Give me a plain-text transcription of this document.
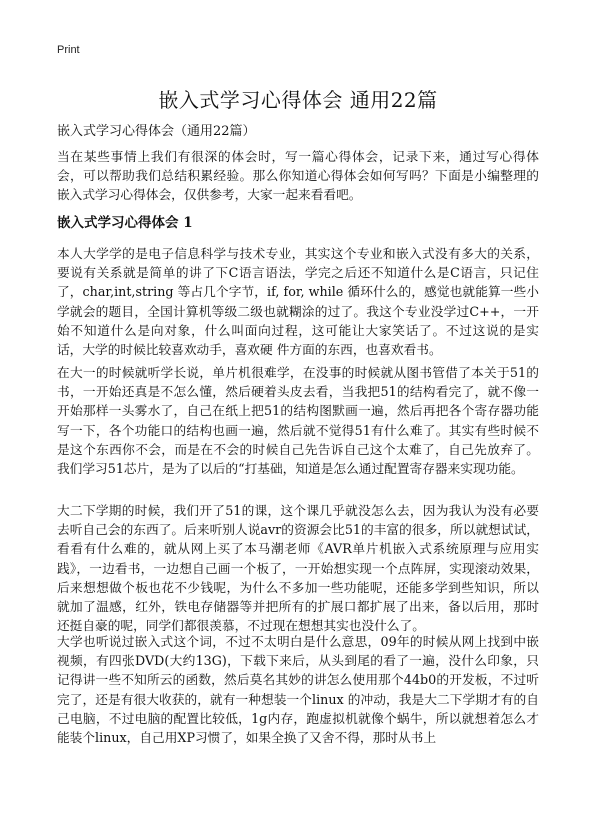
Print
嵌入式学习心得体会 通用22篇

嵌入式学习心得体会（通用22篇）

当在某些事情上我们有很深的体会时，写一篇心得体会，记录下来，通过写心得体会，可以帮助我们总结积累经验。那么你知道心得体会如何写吗？下面是小编整理的嵌入式学习心得体会，仅供参考，大家一起来看看吧。

嵌入式学习心得体会 1

本人大学学的是电子信息科学与技术专业，其实这个专业和嵌入式没有多大的关系，要说有关系就是简单的讲了下C语言语法，学完之后还不知道什么是C语言，只记住了，char,int,string 等占几个字节，if, for, while 循环什么的，感觉也就能算一些小学就会的题目，全国计算机等级二级也就糊涂的过了。我这个专业没学过C++，一开始不知道什么是向对象，什么叫面向过程，这可能让大家笑话了。不过这说的是实话，大学的时候比较喜欢动手，喜欢硬 件方面的东西，也喜欢看书。

在大一的时候就听学长说，单片机很难学，在没事的时候就从图书管借了本关于51的书，一开始还真是不怎么懂，然后硬着头皮去看，当我把51的结构看完了，就不像一开始那样一头雾水了，自己在纸上把51的结构图默画一遍，然后再把各个寄存器功能写一下，各个功能口的结构也画一遍，然后就不觉得51有什么难了。其实有些时候不是这个东西你不会，而是在不会的时候自己先告诉自己这个太难了，自己先放弃了。我们学习51芯片，是为了以后的“打基础，知道是怎么通过配置寄存器来实现功能。

大二下学期的时候，我们开了51的课，这个课几乎就没怎么去，因为我认为没有必要去听自己会的东西了。后来听别人说avr的资源会比51的丰富的很多，所以就想试试，看看有什么难的，就从网上买了本马潮老师《AVR单片机嵌入式系统原理与应用实践》，一边看书，一边想自己画一个板了，一开始想实现一个点阵屏，实现滚动效果，后来想想做个板也花不少钱呢，为什么不多加一些功能呢，还能多学到些知识，所以就加了温感，红外，铁电存储器等并把所有的扩展口都扩展了出来，备以后用，那时还挺自豪的呢，同学们都很羡慕，不过现在想想其实也没什么了。

大学也听说过嵌入式这个词，不过不太明白是什么意思，09年的时候从网上找到中嵌视频，有四张DVD(大约13G)，下载下来后，从头到尾的看了一遍，没什么印象，只记得讲一些不知所云的函数，然后莫名其妙的讲怎么使用那个44b0的开发板，不过听完了，还是有很大收获的，就有一种想装一个linux 的冲动，我是大二下学期才有的自己电脑，不过电脑的配置比较低，1g内存，跑虚拟机就像个蜗牛，所以就想着怎么才能装个linux，自己用XP习惯了，如果全换了又舍不得，那时从书上
